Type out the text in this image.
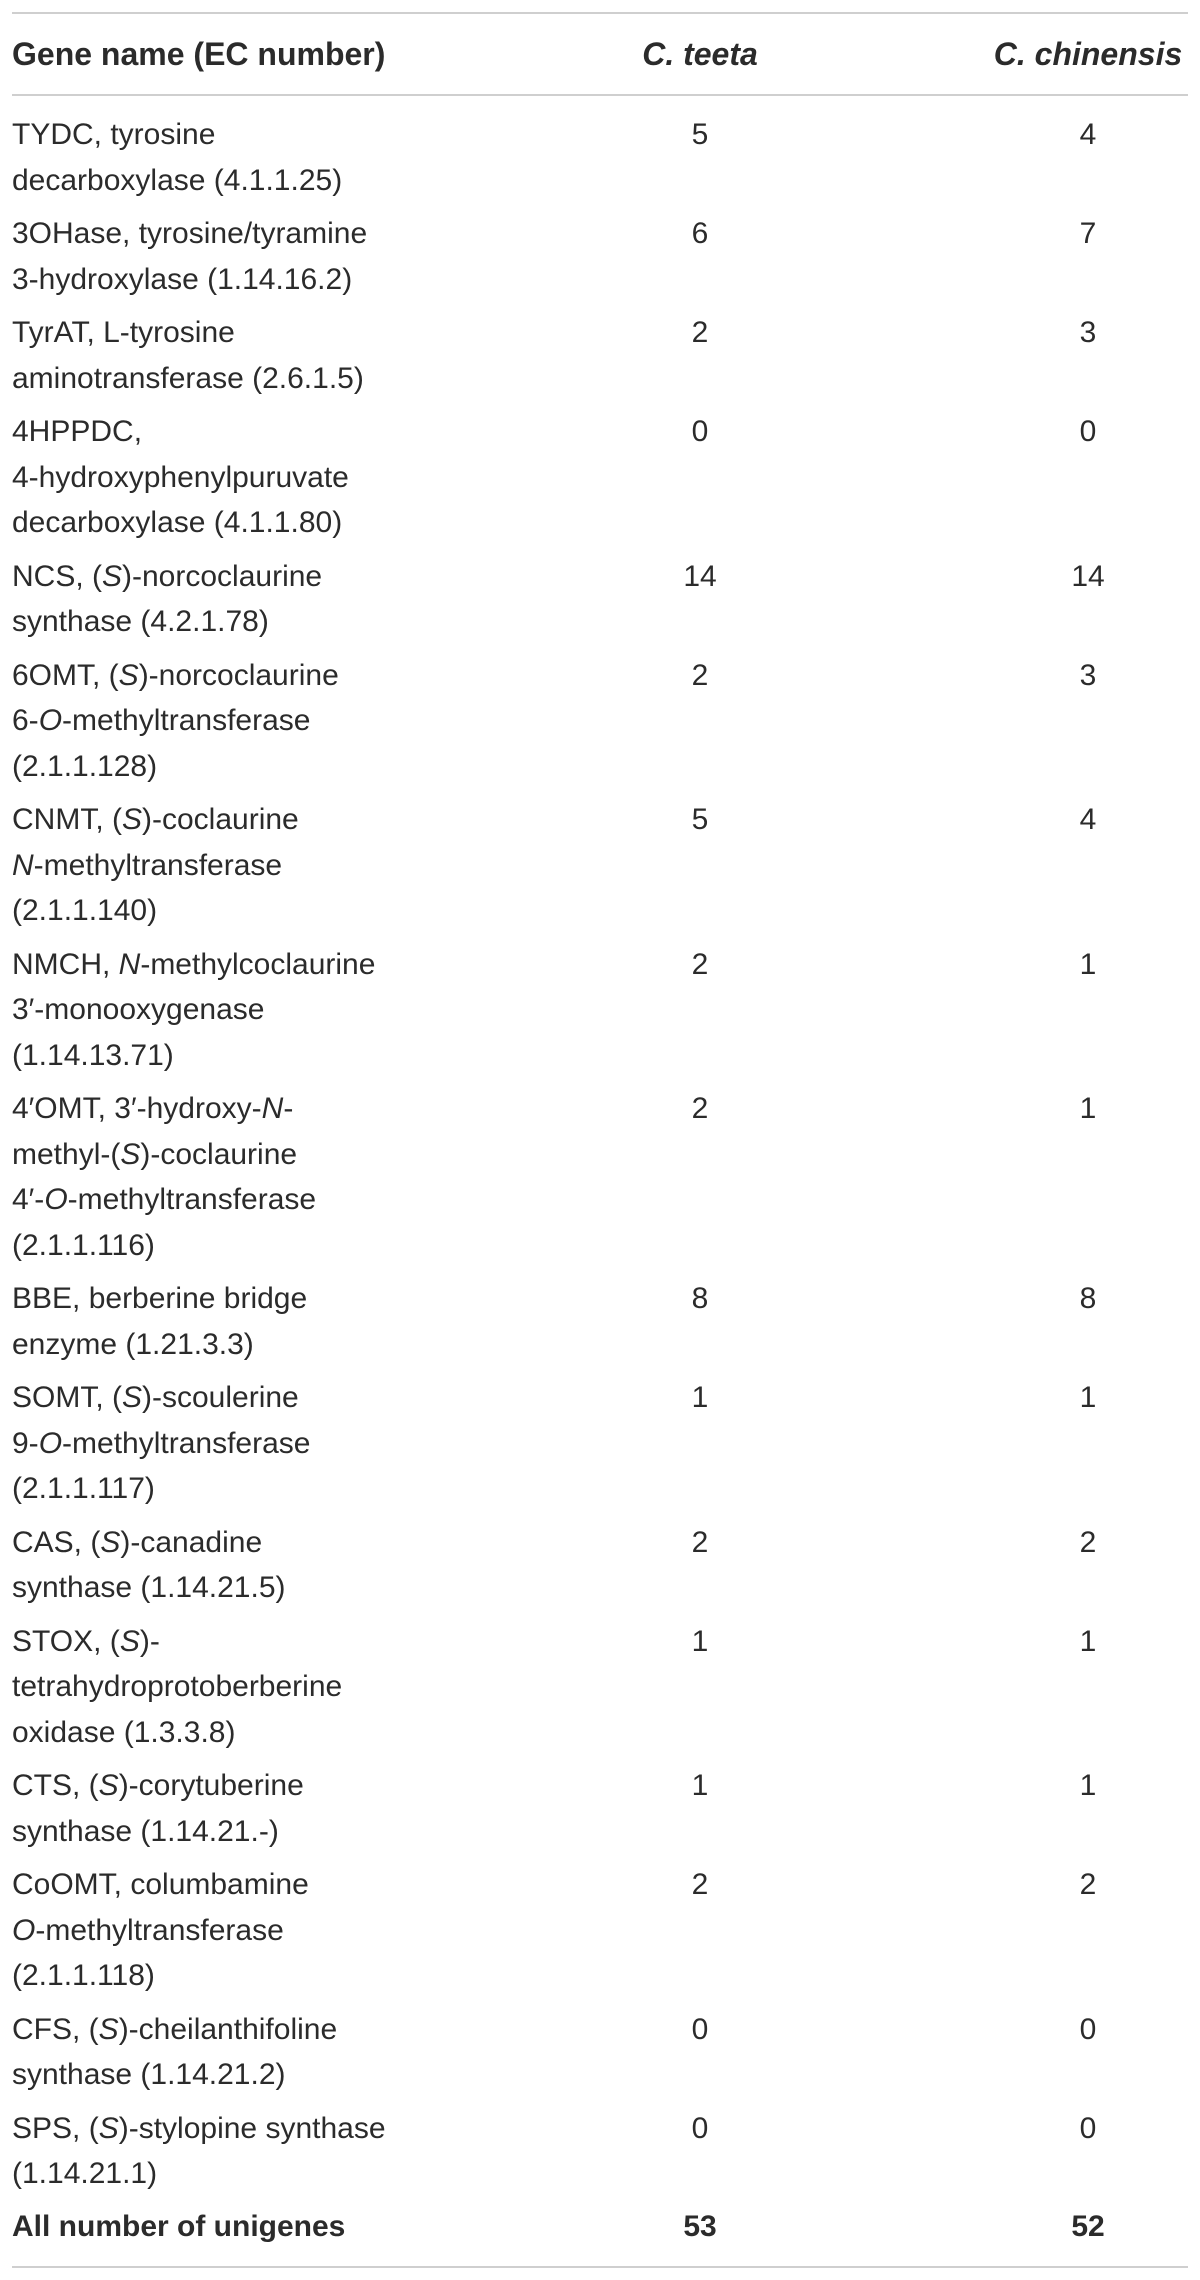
Gene name (EC number)	C. teeta	C. chinensis
TYDC, tyrosine
decarboxylase (4.1.1.25)
5	4
3OHase, tyrosine/tyramine
3-hydroxylase (1.14.16.2)
6	7
TyrAT, L-tyrosine
aminotransferase (2.6.1.5)
2	3
4HPPDC,
4-hydroxyphenylpuruvate
decarboxylase (4.1.1.80)
0	0
NCS, (S)-norcoclaurine
synthase (4.2.1.78)
14	14
6OMT, (S)-norcoclaurine
6-O-methyltransferase
(2.1.1.128)
2	3
CNMT, (S)-coclaurine
N-methyltransferase
(2.1.1.140)
5	4
NMCH, N-methylcoclaurine
3′-monooxygenase
(1.14.13.71)
2	1
4′OMT, 3′-hydroxy-N-
methyl-(S)-coclaurine
4′-O-methyltransferase
(2.1.1.116)
2	1
BBE, berberine bridge
enzyme (1.21.3.3)
8	8
SOMT, (S)-scoulerine
9-O-methyltransferase
(2.1.1.117)
1	1
CAS, (S)-canadine
synthase (1.14.21.5)
2	2
STOX, (S)-
tetrahydroprotoberberine
oxidase (1.3.3.8)
1	1
CTS, (S)-corytuberine
synthase (1.14.21.-)
1	1
CoOMT, columbamine
O-methyltransferase
(2.1.1.118)
2	2
CFS, (S)-cheilanthifoline
synthase (1.14.21.2)
0	0
SPS, (S)-stylopine synthase
(1.14.21.1)
0	0
All number of unigenes	53	52
